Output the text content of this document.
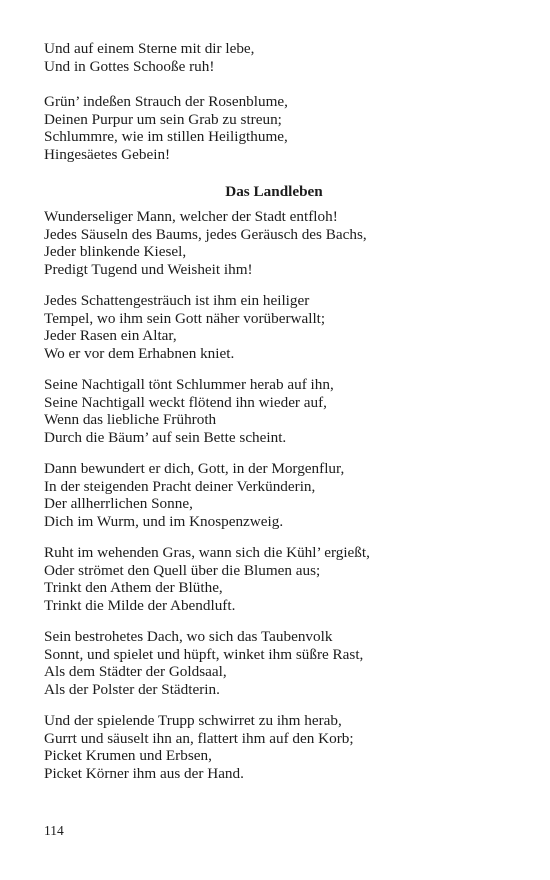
Und auf einem Sterne mit dir lebe,
Und in Gottes Schooße ruh!
Grün’ indeßen Strauch der Rosenblume,
Deinen Purpur um sein Grab zu streun;
Schlummre, wie im stillen Heiligthume,
Hingesäetes Gebein!
Das Landleben
Wunderseliger Mann, welcher der Stadt entfloh!
Jedes Säuseln des Baums, jedes Geräusch des Bachs,
Jeder blinkende Kiesel,
Predigt Tugend und Weisheit ihm!
Jedes Schattengesträuch ist ihm ein heiliger
Tempel, wo ihm sein Gott näher vorüberwallt;
Jeder Rasen ein Altar,
Wo er vor dem Erhabnen kniet.
Seine Nachtigall tönt Schlummer herab auf ihn,
Seine Nachtigall weckt flötend ihn wieder auf,
Wenn das liebliche Frühroth
Durch die Bäum’ auf sein Bette scheint.
Dann bewundert er dich, Gott, in der Morgenflur,
In der steigenden Pracht deiner Verkünderin,
Der allherrlichen Sonne,
Dich im Wurm, und im Knospenzweig.
Ruht im wehenden Gras, wann sich die Kühl’ ergießt,
Oder strömet den Quell über die Blumen aus;
Trinkt den Athem der Blüthe,
Trinkt die Milde der Abendluft.
Sein bestrohetes Dach, wo sich das Taubenvolk
Sonnt, und spielet und hüpft, winket ihm süßre Rast,
Als dem Städter der Goldsaal,
Als der Polster der Städterin.
Und der spielende Trupp schwirret zu ihm herab,
Gurrt und säuselt ihn an, flattert ihm auf den Korb;
Picket Krumen und Erbsen,
Picket Körner ihm aus der Hand.
114
